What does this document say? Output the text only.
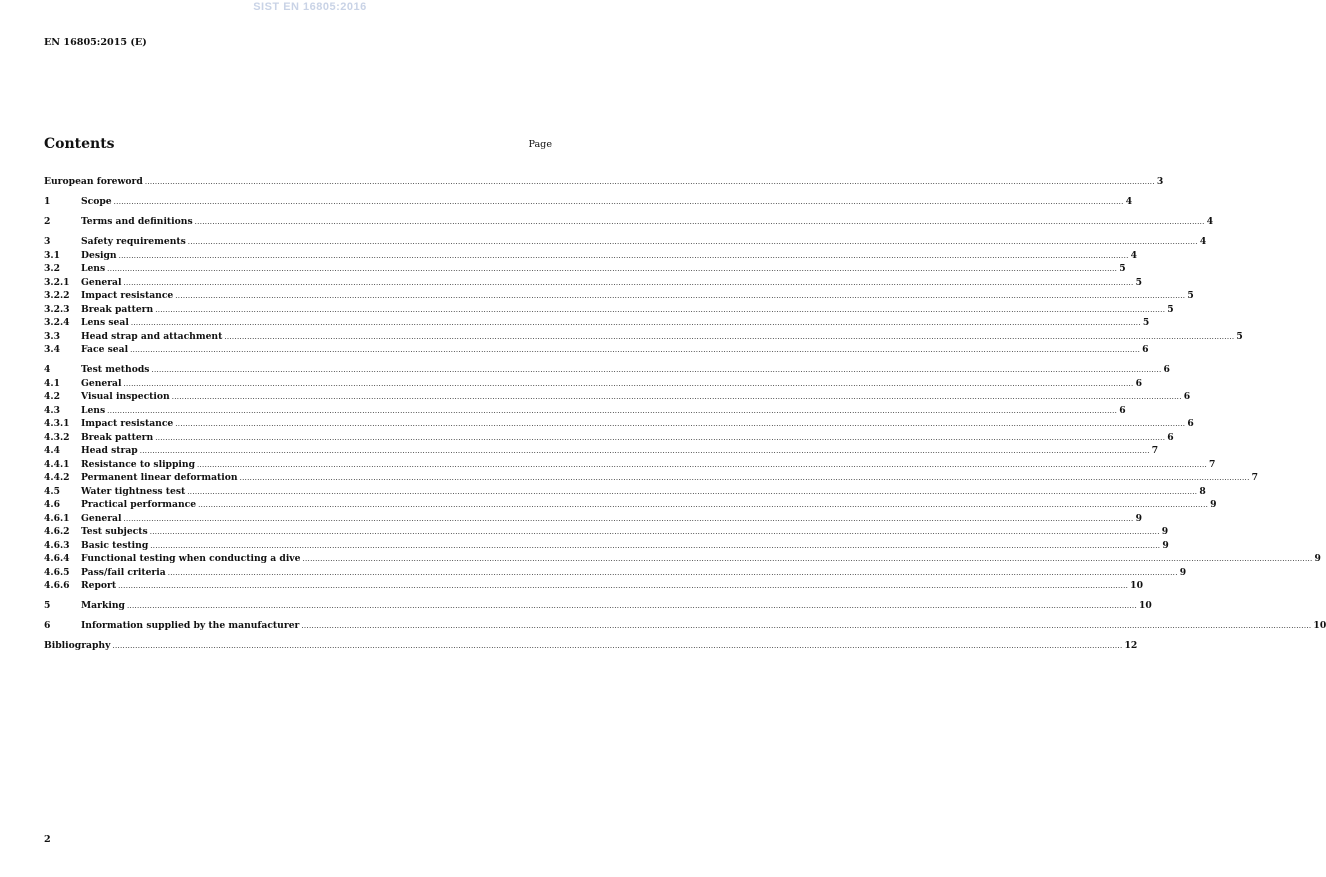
SIST EN 16805:2016
EN 16805:2015 (E)
Contents	Page
European foreword ................................................................................................................................................................................................................................................................................................................................................................................................................ 3
1	Scope ................................................................................................................................................................................................................................................................................................................................................................................................................ 4
2	Terms and definitions ................................................................................................................................................................................................................................................................................................................................................................................................................ 4
3	Safety requirements ................................................................................................................................................................................................................................................................................................................................................................................................................ 4
3.1	Design ................................................................................................................................................................................................................................................................................................................................................................................................................ 4
3.2	Lens ................................................................................................................................................................................................................................................................................................................................................................................................................ 5
3.2.1	General ................................................................................................................................................................................................................................................................................................................................................................................................................ 5
3.2.2	Impact resistance ................................................................................................................................................................................................................................................................................................................................................................................................................ 5
3.2.3	Break pattern ................................................................................................................................................................................................................................................................................................................................................................................................................ 5
3.2.4	Lens seal ................................................................................................................................................................................................................................................................................................................................................................................................................ 5
3.3	Head strap and attachment ................................................................................................................................................................................................................................................................................................................................................................................................................ 5
3.4	Face seal ................................................................................................................................................................................................................................................................................................................................................................................................................ 6
4	Test methods ................................................................................................................................................................................................................................................................................................................................................................................................................ 6
4.1	General ................................................................................................................................................................................................................................................................................................................................................................................................................ 6
4.2	Visual inspection ................................................................................................................................................................................................................................................................................................................................................................................................................ 6
4.3	Lens ................................................................................................................................................................................................................................................................................................................................................................................................................ 6
4.3.1	Impact resistance ................................................................................................................................................................................................................................................................................................................................................................................................................ 6
4.3.2	Break pattern ................................................................................................................................................................................................................................................................................................................................................................................................................ 6
4.4	Head strap ................................................................................................................................................................................................................................................................................................................................................................................................................ 7
4.4.1	Resistance to slipping ................................................................................................................................................................................................................................................................................................................................................................................................................ 7
4.4.2	Permanent linear deformation ................................................................................................................................................................................................................................................................................................................................................................................................................ 7
4.5	Water tightness test ................................................................................................................................................................................................................................................................................................................................................................................................................ 8
4.6	Practical performance ................................................................................................................................................................................................................................................................................................................................................................................................................ 9
4.6.1	General ................................................................................................................................................................................................................................................................................................................................................................................................................ 9
4.6.2	Test subjects ................................................................................................................................................................................................................................................................................................................................................................................................................ 9
4.6.3	Basic testing ................................................................................................................................................................................................................................................................................................................................................................................................................ 9
4.6.4	Functional testing when conducting a dive ................................................................................................................................................................................................................................................................................................................................................................................................................ 9
4.6.5	Pass/fail criteria ................................................................................................................................................................................................................................................................................................................................................................................................................ 9
4.6.6	Report ................................................................................................................................................................................................................................................................................................................................................................................................................ 10
5	Marking ................................................................................................................................................................................................................................................................................................................................................................................................................ 10
6	Information supplied by the manufacturer ................................................................................................................................................................................................................................................................................................................................................................................................................ 10
Bibliography ................................................................................................................................................................................................................................................................................................................................................................................................................ 12
2
